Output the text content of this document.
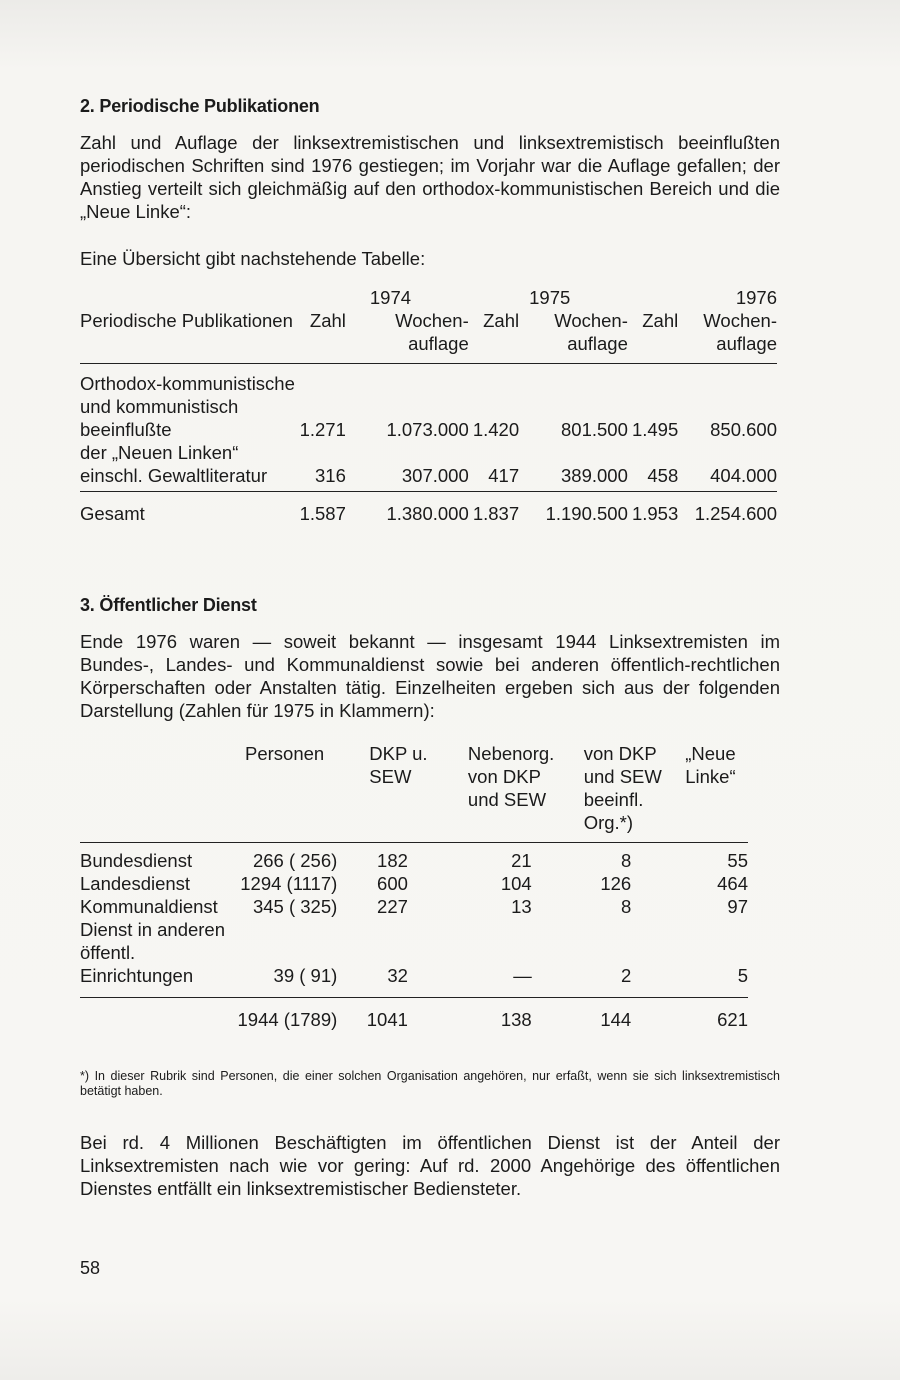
2. Periodische Publikationen

Zahl und Auflage der linksextremistischen und linksextremistisch beeinflußten periodischen Schriften sind 1976 gestiegen; im Vorjahr war die Auflage gefallen; der Anstieg verteilt sich gleichmäßig auf den orthodox-kommunistischen Bereich und die „Neue Linke“:

Eine Übersicht gibt nachstehende Tabelle:

		1974		1975		1976
Periodische Publikationen	Zahl	Wochen-auflage	Zahl	Wochen-auflage	Zahl	Wochen-auflage
Orthodox-kommunistische und kommunistisch beeinflußte	1.271	1.073.000	1.420	801.500	1.495	850.600
der „Neuen Linken“ einschl. Gewaltliteratur	316	307.000	417	389.000	458	404.000
Gesamt	1.587	1.380.000	1.837	1.190.500	1.953	1.254.600
3. Öffentlicher Dienst

Ende 1976 waren — soweit bekannt — insgesamt 1944 Linksextremisten im Bundes-, Landes- und Kommunaldienst sowie bei anderen öffentlich-rechtlichen Körperschaften oder Anstalten tätig. Einzelheiten ergeben sich aus der folgenden Darstellung (Zahlen für 1975 in Klammern):

	Personen	DKP u. SEW	Nebenorg. von DKP und SEW	von DKP und SEW beeinfl. Org.*)	„Neue Linke“
Bundesdienst	266 ( 256)	182	21	8	55
Landesdienst	1294 (1117)	600	104	126	464
Kommunaldienst	345 ( 325)	227	13	8	97
Dienst in anderen öffentl. Einrichtungen	39 ( 91)	32	—	2	5
	1944 (1789)	1041	138	144	621
*) In dieser Rubrik sind Personen, die einer solchen Organisation angehören, nur erfaßt, wenn sie sich linksextremistisch betätigt haben.

Bei rd. 4 Millionen Beschäftigten im öffentlichen Dienst ist der Anteil der Linksextremisten nach wie vor gering: Auf rd. 2000 Angehörige des öffentlichen Dienstes entfällt ein linksextremistischer Bediensteter.

58
